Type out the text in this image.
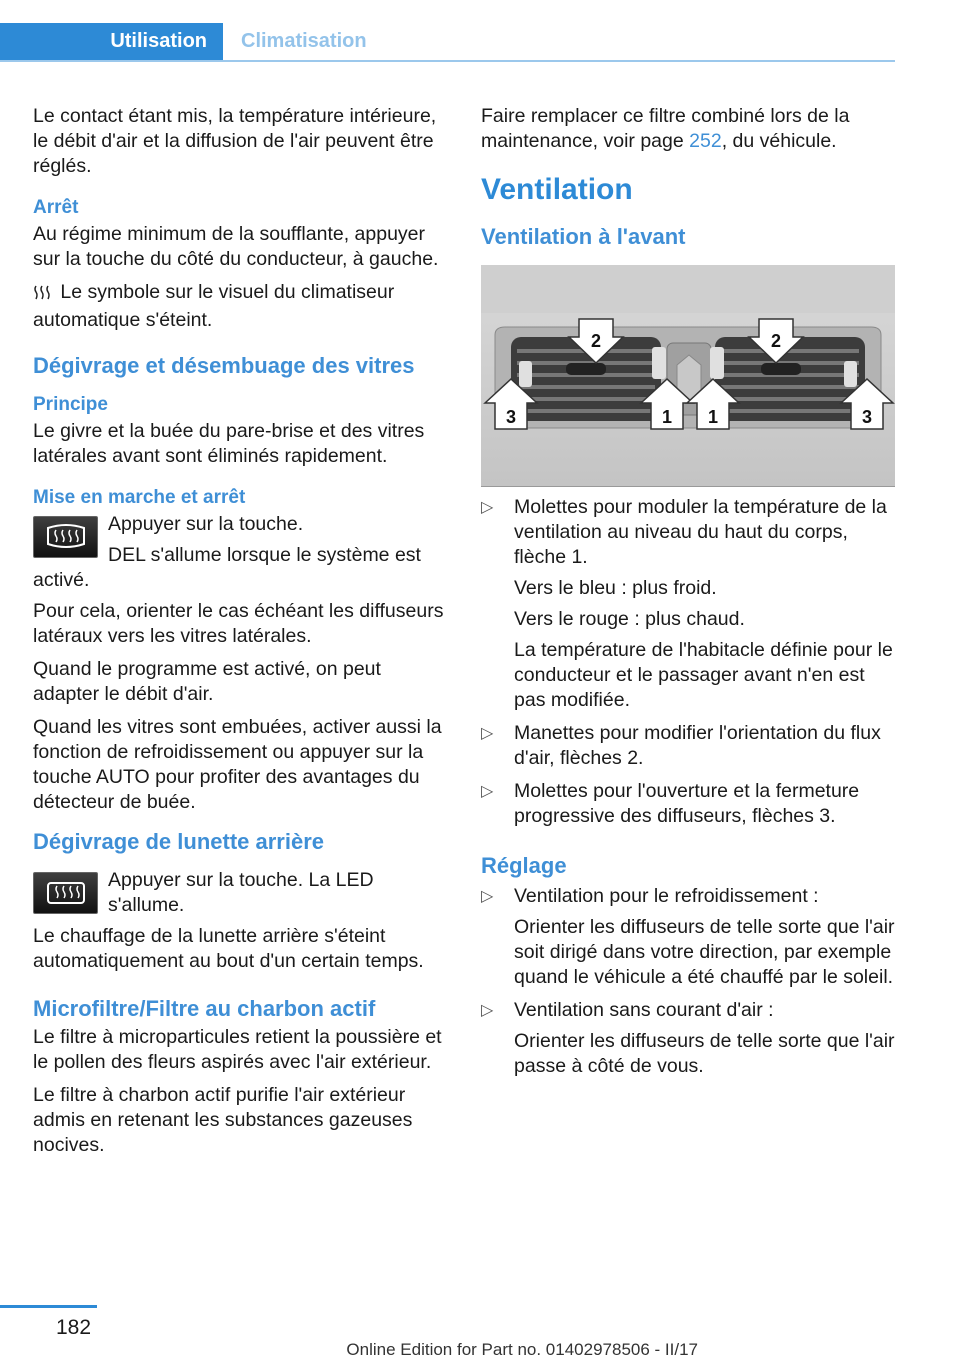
Utilisation	Climatisation

Le contact étant mis, la température intérieure, le débit d'air et la diffusion de l'air peuvent être réglés.

Arrêt

Au régime minimum de la soufflante, appuyer sur la touche du côté du conducteur, à gauche.

Le symbole sur le visuel du climatiseur automatique s'éteint.

Dégivrage et désembuage des vitres
Principe

Le givre et la buée du pare-brise et des vitres latérales avant sont éliminés rapidement.

Mise en marche et arrêt

Appuyer sur la touche.

DEL s'allume lorsque le système est activé.

Pour cela, orienter le cas échéant les diffuseurs latéraux vers les vitres latérales.

Quand le programme est activé, on peut adapter le débit d'air.

Quand les vitres sont embuées, activer aussi la fonction de refroidissement ou appuyer sur la touche AUTO pour profiter des avantages du détecteur de buée.

Dégivrage de lunette arrière

Appuyer sur la touche. La LED s'allume.

Le chauffage de la lunette arrière s'éteint automatiquement au bout d'un certain temps.

Microfiltre/Filtre au charbon actif

Le filtre à microparticules retient la poussière et le pollen des fleurs aspirés avec l'air extérieur.

Le filtre à charbon actif purifie l'air extérieur admis en retenant les substances gazeuses nocives.

Faire remplacer ce filtre combiné lors de la maintenance, voir page 252, du véhicule.

Ventilation
Ventilation à l'avant
2	2
3	1 1	3
▷ Molettes pour moduler la température de la ventilation au niveau du haut du corps, flèche 1.

Vers le bleu : plus froid.

Vers le rouge : plus chaud.

La température de l'habitacle définie pour le conducteur et le passager avant n'en est pas modifiée.

▷ Manettes pour modifier l'orientation du flux d'air, flèches 2.

▷ Molettes pour l'ouverture et la fermeture progressive des diffuseurs, flèches 3.

Réglage
▷ Ventilation pour le refroidissement :

Orienter les diffuseurs de telle sorte que l'air soit dirigé dans votre direction, par exemple quand le véhicule a été chauffé par le soleil.

▷ Ventilation sans courant d'air :

Orienter les diffuseurs de telle sorte que l'air passe à côté de vous.

182
Online Edition for Part no. 01402978506 - II/17
